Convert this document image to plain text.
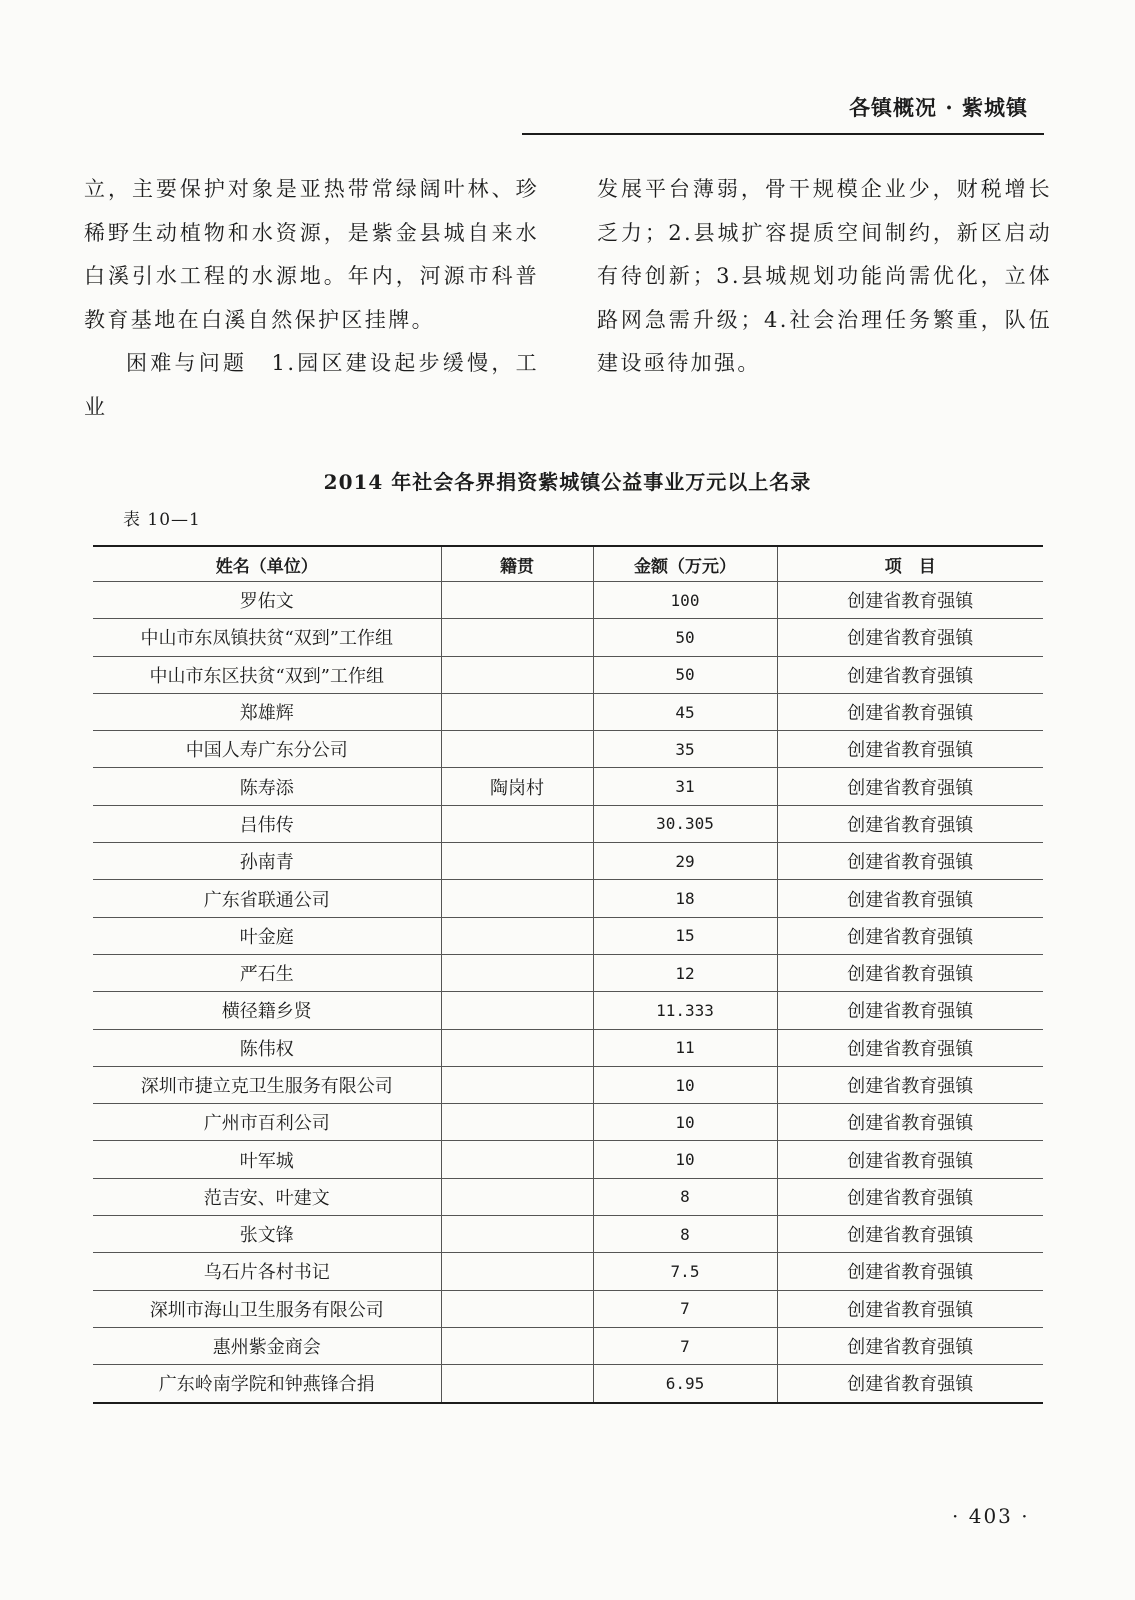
各镇概况 · 紫城镇

立，主要保护对象是亚热带常绿阔叶林、珍稀野生动植物和水资源，是紫金县城自来水白溪引水工程的水源地。年内，河源市科普教育基地在白溪自然保护区挂牌。

困难与问题　1.园区建设起步缓慢，工业

发展平台薄弱，骨干规模企业少，财税增长乏力；2.县城扩容提质空间制约，新区启动有待创新；3.县城规划功能尚需优化，立体路网急需升级；4.社会治理任务繁重，队伍建设亟待加强。

2014 年社会各界捐资紫城镇公益事业万元以上名录
表 10—1
姓名（单位）	籍贯	金额（万元）	项　目
罗佑文		100	创建省教育强镇
中山市东凤镇扶贫“双到”工作组		50	创建省教育强镇
中山市东区扶贫“双到”工作组		50	创建省教育强镇
郑雄辉		45	创建省教育强镇
中国人寿广东分公司		35	创建省教育强镇
陈寿添	陶岗村	31	创建省教育强镇
吕伟传		30.305	创建省教育强镇
孙南青		29	创建省教育强镇
广东省联通公司		18	创建省教育强镇
叶金庭		15	创建省教育强镇
严石生		12	创建省教育强镇
横径籍乡贤		11.333	创建省教育强镇
陈伟权		11	创建省教育强镇
深圳市捷立克卫生服务有限公司		10	创建省教育强镇
广州市百利公司		10	创建省教育强镇
叶军城		10	创建省教育强镇
范吉安、叶建文		8	创建省教育强镇
张文锋		8	创建省教育强镇
乌石片各村书记		7.5	创建省教育强镇
深圳市海山卫生服务有限公司		7	创建省教育强镇
惠州紫金商会		7	创建省教育强镇
广东岭南学院和钟燕锋合捐		6.95	创建省教育强镇
· 403 ·
